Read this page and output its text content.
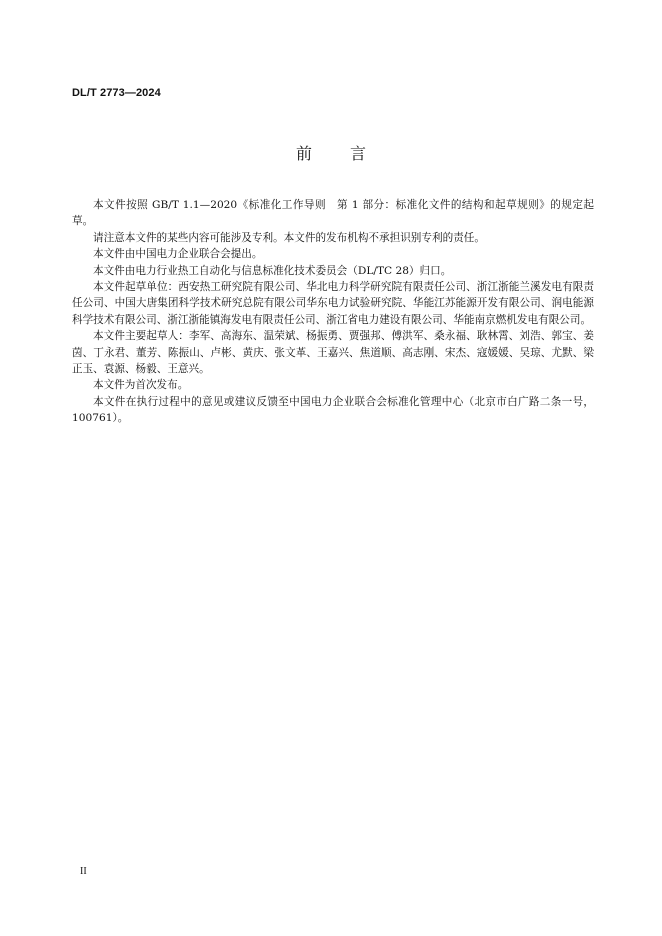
DL/T 2773—2024
前 言

本文件按照 GB/T 1.1—2020《标准化工作导则　第 1 部分：标准化文件的结构和起草规则》的规定起草。

请注意本文件的某些内容可能涉及专利。本文件的发布机构不承担识别专利的责任。

本文件由中国电力企业联合会提出。

本文件由电力行业热工自动化与信息标准化技术委员会（DL/TC 28）归口。

本文件起草单位：西安热工研究院有限公司、华北电力科学研究院有限责任公司、浙江浙能兰溪发电有限责任公司、中国大唐集团科学技术研究总院有限公司华东电力试验研究院、华能江苏能源开发有限公司、润电能源科学技术有限公司、浙江浙能镇海发电有限责任公司、浙江省电力建设有限公司、华能南京燃机发电有限公司。

本文件主要起草人：李军、高海东、温荣斌、杨振勇、贾强邦、傅洪军、桑永福、耿林霄、刘浩、郭宝、姜茵、丁永君、董芳、陈振山、卢彬、黄庆、张文革、王嘉兴、焦道顺、高志刚、宋杰、寇媛媛、吴琼、尤默、梁正玉、袁源、杨毅、王意兴。

本文件为首次发布。

本文件在执行过程中的意见或建议反馈至中国电力企业联合会标准化管理中心（北京市白广路二条一号，100761）。

II
